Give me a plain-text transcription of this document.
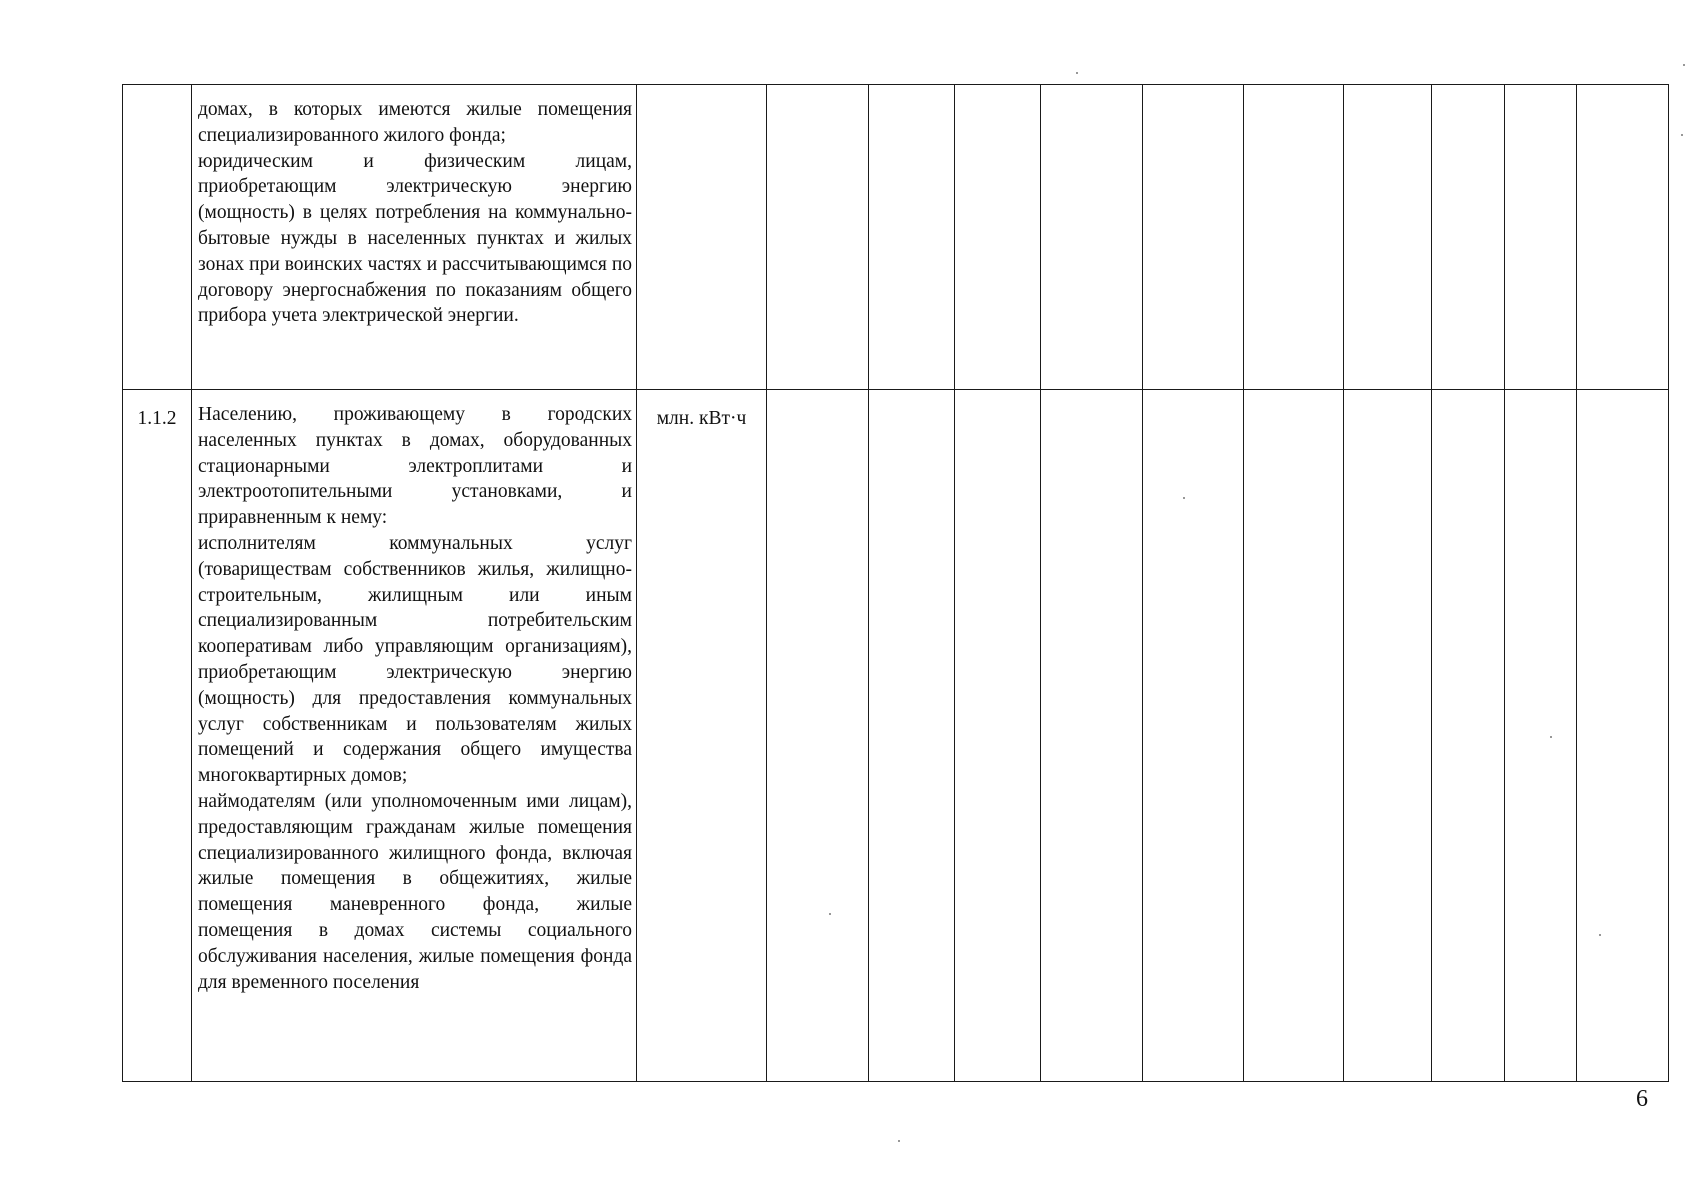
	домах, в которых имеются жилые помещения специализированного жилого фонда;
юридическим и физическим лицам, приобретающим электрическую энергию (мощность) в целях потребления на коммунально-бытовые нужды в населенных пунктах и жилых зонах при воинских частях и рассчитывающимся по договору энергоснабжения по показаниям общего прибора учета электрической энергии.											

1.1.2	Населению, проживающему в городских населенных пунктах в домах, оборудованных стационарными электроплитами и электроотопительными установками, и приравненным к нему:
исполнителям коммунальных услуг (товариществам собственников жилья, жилищно-строительным, жилищным или иным специализированным потребительским кооперативам либо управляющим организациям), приобретающим электрическую энергию (мощность) для предоставления коммунальных услуг собственникам и пользователям жилых помещений и содержания общего имущества многоквартирных домов;
наймодателям (или уполномоченным ими лицам), предоставляющим гражданам жилые помещения специализированного жилищного фонда, включая жилые помещения в общежитиях, жилые помещения маневренного фонда, жилые помещения в домах системы социального обслуживания населения, жилые помещения фонда для временного поселения	млн. кВт·ч										
6
